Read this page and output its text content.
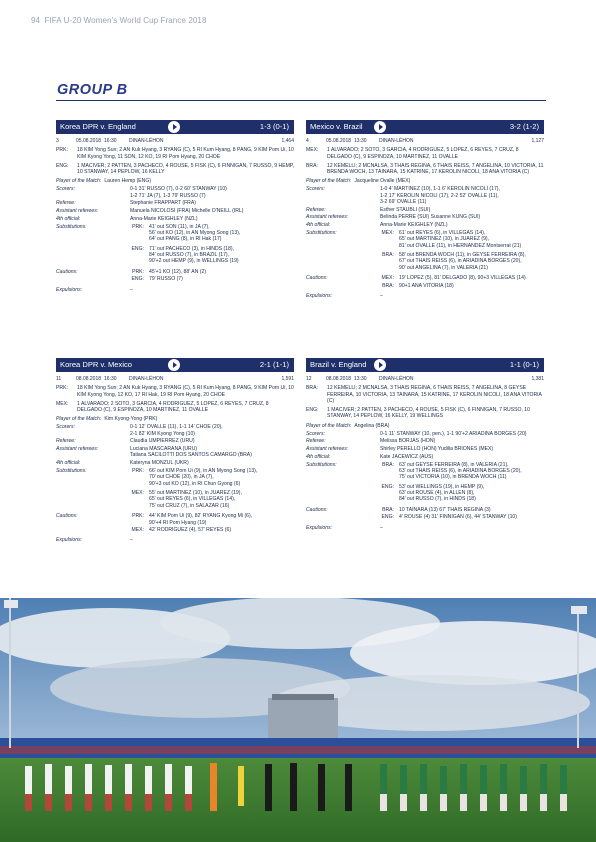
94 FIFA U-20 Women's World Cup France 2018
GROUP B
Korea DPR v. England	1-3 (0-1)
3	05.08.2018 16:30	DINAN-LÉHON	1,464
PRK:	18 KIM Yong Sun; 2 AN Kuk Hyang, 3 RYANG (C), 5 RI Kum Hyang, 8 PANG, 9 KIM Pom Ui, 10 KIM Kyong Yong, 11 SON, 12 KO, 19 RI Pom Hyang, 20 CHOE
ENG:	1 MACIVER; 2 PATTEN, 3 PACHECO, 4 ROUSE, 5 FISK (C), 6 FINNIGAN, 7 RUSSO, 9 HEMP, 10 STANWAY, 14 PEPLOW, 16 KELLY
Player of the Match: Lauren Hemp (ENG)
Scorers:	0-1 31' RUSSO (7), 0-2 60' STANWAY (10)
1-2 71' JA (7), 1-3 79' RUSSO (7)
Referee:	Stephanie FRAPPART (FRA)
Assistant referees:	Manuela NICOLOSI (FRA) Michelle O'NEILL (IRL)
4th official:	Anna-Marie KEIGHLEY (NZL)
Substitutions:	PRK: 41' out SON (11), in JA (7),
56' out KO (12), in AN Myong Song (13),
64' out PANG (8), in RI Hak (17)
ENG: 71' out PACHECO (3), in HINDS (18),
84' out RUSSO (7), in BRAZIL (17),
90'+2 out HEMP (9), in WELLINGS (19)
Cautions:	PRK: 45'+1 KO (12), 88' AN (2)
ENG: 79' RUSSO (7)
Expulsions:	–
Mexico v. Brazil	3-2 (1-2)
4	05.08.2018 13:30	DINAN-LÉHON	1,127
MEX:	1 ALVARADO; 2 SOTO, 3 GARCIA, 4 RODRIGUEZ, 5 LOPEZ, 6 REYES, 7 CRUZ, 8 DELGADO (C), 9 ESPINOZA, 10 MARTINEZ, 11 OVALLE
BRA:	12 KEMELLI; 2 MCNALSA, 3 THAIS REGINA, 6 THAIS REISS, 7 ANGELINA, 10 VICTORIA, 11 BRENDA WOCH, 13 TAINARA, 15 KATRINE, 17 KEROLIN NICOLI, 18 ANA VITORIA (C)
Player of the Match: Jacqueline Ovalle (MEX)
Scorers:	1-0 4' MARTINEZ (10), 1-1 6' KEROLIN NICOLI (17),
1-2 17' KEROLIN NICOLI (17), 2-2 52' OVALLE (11),
3-2 69' OVALLE (11)
Referee:	Esther STAUBLI (SUI)
Assistant referees:	Belinda PERRE (SUI) Susanne KUNG (SUI)
4th official:	Anna-Marie KEIGHLEY (NZL)
Substitutions:	MEX: 61' out REYES (6), in VILLEGAS (14),
65' out MARTINEZ (10), in JUAREZ (9),
81' out OVALLE (11), in HERNANDEZ Montserrat (21)
BRA: 58' out BRENDA WOCH (11), in GEYSE FERREIRA (8),
67' out THAIS REISS (6), in ARIADINA BORGES (20),
90' out ANGELINA (7), in VALERIA (21)
Cautions:	MEX: 19' LOPEZ (5), 81' DELGADO (8), 90+3 VILLEGAS (14)
BRA: 90+1 ANA VITORIA (18)
Expulsions:	–
Korea DPR v. Mexico	2-1 (1-1)
11	08.08.2018 16:30	DINAN-LÉHON	1,591
PRK:	18 KIM Yong Sun; 2 AN Kuk Hyang, 3 RYANG (C), 5 RI Kum Hyang, 8 PANG, 9 KIM Pom Ui, 10 KIM Kyong Yong, 12 KO, 17 RI Hak, 19 RI Pom Hyang, 20 CHOE
MEX:	1 ALVARADO; 2 SOTO, 3 GARCIA, 4 RODRIGUEZ, 5 LOPEZ, 6 REYES, 7 CRUZ, 8 DELGADO (C), 9 ESPINOZA, 10 MARTINEZ, 11 OVALLE
Player of the Match: Kim Kyong-Yong (PRK)
Scorers:	0-1 12' OVALLE (11), 1-1 14' CHOE (20),
2-1 82' KIM Kyong Yong (10)
Referee:	Claudia UMPIERREZ (URU)
Assistant referees:	Luciana MASCARANA (URU)
Tatiana SACILOTTI DOS SANTOS CAMARGO (BRA)
4th official:	Kateryna MONZUL (UKR)
Substitutions:	PRK: 66' out KIM Pom Ui (9), in AN Myong Song (13),
70' out CHOE (20), in JA (7),
90'+3 out KO (12), in RI Chun Gyong (6)
MEX: 55' out MARTINEZ (10), in JUAREZ (19),
65' out REYES (6), in VILLEGAS (14),
75' out CRUZ (7), in SALAZAR (16)
Cautions:	PRK: 44' KIM Pom Ui (9), 82' RYANG Kyong Mi (6),
90'+4 RI Pom Hyang (19)
MEX: 42' RODRIGUEZ (4), 57' REYES (6)
Expulsions:	–
Brazil v. England	1-1 (0-1)
12	08.08.2018 13:30	DINAN-LÉHON	1,381
BRA:	12 KEMELLI; 2 MCNALSA, 3 THAIS REGINA, 6 THAIS REISS, 7 ANGELINA, 8 GEYSE FERREIRA, 10 VICTORIA, 13 TAINARA, 15 KATRINE, 17 KEROLIN NICOLI, 18 ANA VITORIA (C)
ENG:	1 MACIVER; 2 PATTEN, 3 PACHECO, 4 ROUSE, 5 FISK (C), 6 FINNIGAN, 7 RUSSO, 10 STANWAY, 14 PEPLOW, 16 KELLY, 19 WELLINGS
Player of the Match: Angelina (BRA)
Scorers:	0-1 11' STANWAY (10, pen.), 1-1 90'+2 ARIADINA BORGES (20)
Referee:	Melissa BORJAS (HON)
Assistant referees:	Shirley PERELLO (HON) Yudilia BRIONES (MEX)
4th official:	Kate JACEWICZ (AUS)
Substitutions:	BRA: 63' out GEYSE FERREIRA (8), in VALERIA (21),
63' out THAIS REISS (6), in ARIADINA BORGES (20),
75' out VICTORIA (10), in BRENDA WOCH (11)
ENG: 53' out WELLINGS (19), in HEMP (9),
63' out ROUSE (4), in ALLEN (8),
84' out RUSSO (7), in HINDS (18)
Cautions:	BRA: 10 TAINARA (13) 67' THAIS REGINA (3)
ENG: 4' ROUSE (4) 31' FINNIGAN (6), 44' STANWAY (10)
Expulsions:	–
